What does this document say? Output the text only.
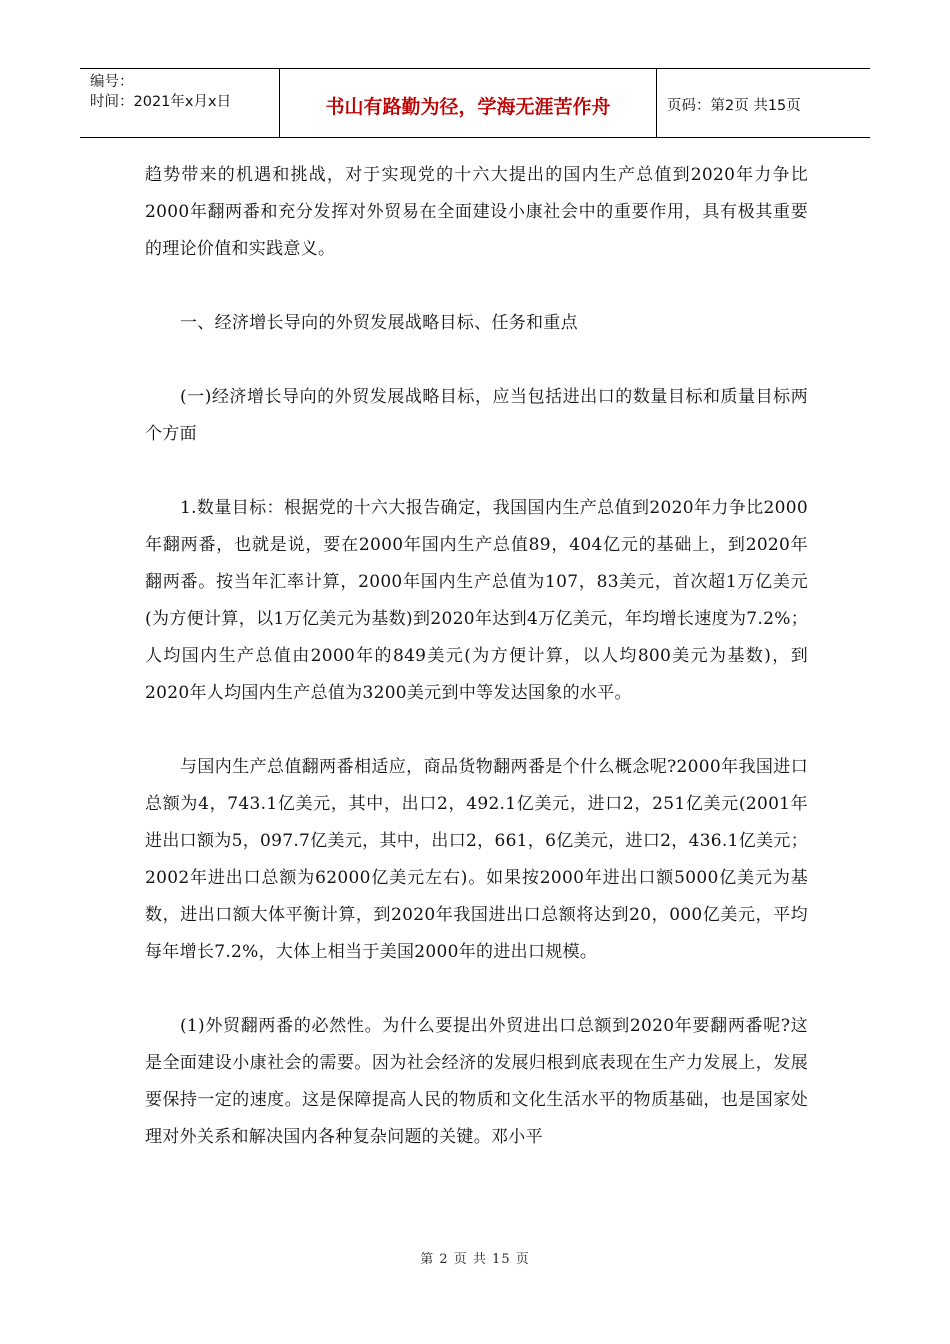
编号：
时间：2021年x月x日	书山有路勤为径，学海无涯苦作舟	页码：第2页 共15页

趋势带来的机遇和挑战，对于实现党的十六大提出的国内生产总值到2020年力争比2000年翻两番和充分发挥对外贸易在全面建设小康社会中的重要作用，具有极其重要的理论价值和实践意义。

一、经济增长导向的外贸发展战略目标、任务和重点

(一)经济增长导向的外贸发展战略目标，应当包括进出口的数量目标和质量目标两个方面

1.数量目标：根据党的十六大报告确定，我国国内生产总值到2020年力争比2000年翻两番，也就是说，要在2000年国内生产总值89，404亿元的基础上，到2020年翻两番。按当年汇率计算，2000年国内生产总值为107，83美元，首次超1万亿美元(为方便计算，以1万亿美元为基数)到2020年达到4万亿美元，年均增长速度为7.2%；人均国内生产总值由2000年的849美元(为方便计算，以人均800美元为基数)，到2020年人均国内生产总值为3200美元到中等发达国象的水平。

与国内生产总值翻两番相适应，商品货物翻两番是个什么概念呢?2000年我国进口总额为4，743.1亿美元，其中，出口2，492.1亿美元，进口2，251亿美元(2001年进出口额为5，097.7亿美元，其中，出口2，661，6亿美元，进口2，436.1亿美元；2002年进出口总额为62000亿美元左右)。如果按2000年进出口额5000亿美元为基数，进出口额大体平衡计算，到2020年我国进出口总额将达到20，000亿美元，平均每年增长7.2%，大体上相当于美国2000年的进出口规模。

(1)外贸翻两番的必然性。为什么要提出外贸进出口总额到2020年要翻两番呢?这是全面建设小康社会的需要。因为社会经济的发展归根到底表现在生产力发展上，发展要保持一定的速度。这是保障提高人民的物质和文化生活水平的物质基础，也是国家处理对外关系和解决国内各种复杂问题的关键。邓小平

第 2 页 共 15 页
